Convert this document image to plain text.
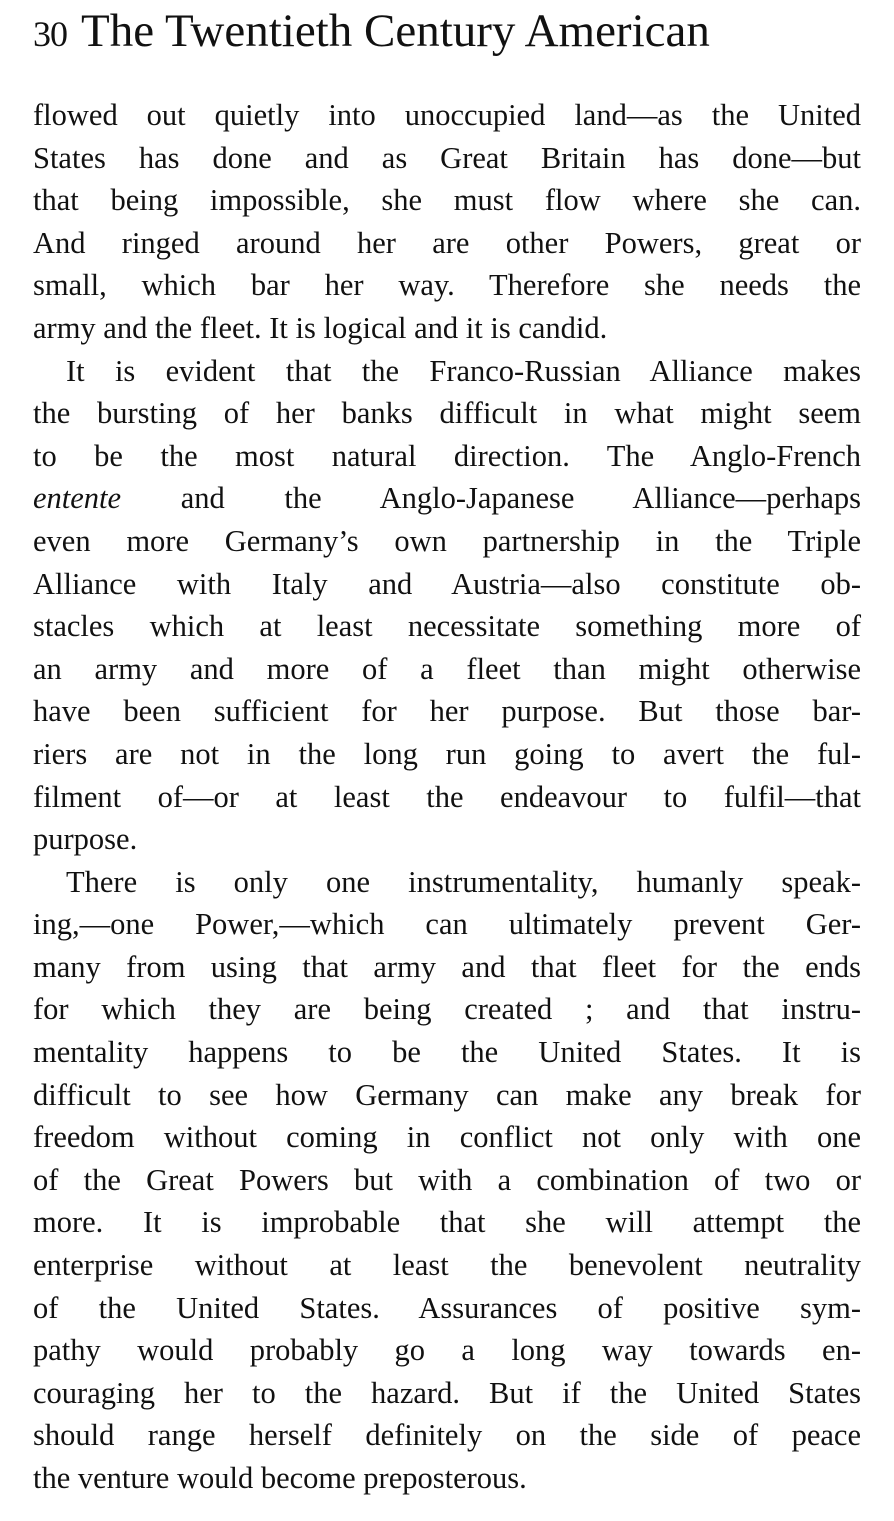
30 The Twentieth Century American

flowed out quietly into unoccupied land—as the United
States has done and as Great Britain has done—but
that being impossible, she must flow where she can.
And ringed around her are other Powers, great or
small, which bar her way. Therefore she needs the
army and the fleet. It is logical and it is candid.

It is evident that the Franco-Russian Alliance makes
the bursting of her banks difficult in what might seem
to be the most natural direction. The Anglo-French
entente and the Anglo-Japanese Alliance—perhaps
even more Germany’s own partnership in the Triple
Alliance with Italy and Austria—also constitute ob-
stacles which at least necessitate something more of
an army and more of a fleet than might otherwise
have been sufficient for her purpose. But those bar-
riers are not in the long run going to avert the ful-
filment of—or at least the endeavour to fulfil—that
purpose.

There is only one instrumentality, humanly speak-
ing,—one Power,—which can ultimately prevent Ger-
many from using that army and that fleet for the ends
for which they are being created ; and that instru-
mentality happens to be the United States. It is
difficult to see how Germany can make any break for
freedom without coming in conflict not only with one
of the Great Powers but with a combination of two or
more. It is improbable that she will attempt the
enterprise without at least the benevolent neutrality
of the United States. Assurances of positive sym-
pathy would probably go a long way towards en-
couraging her to the hazard. But if the United States
should range herself definitely on the side of peace
the venture would become preposterous.
